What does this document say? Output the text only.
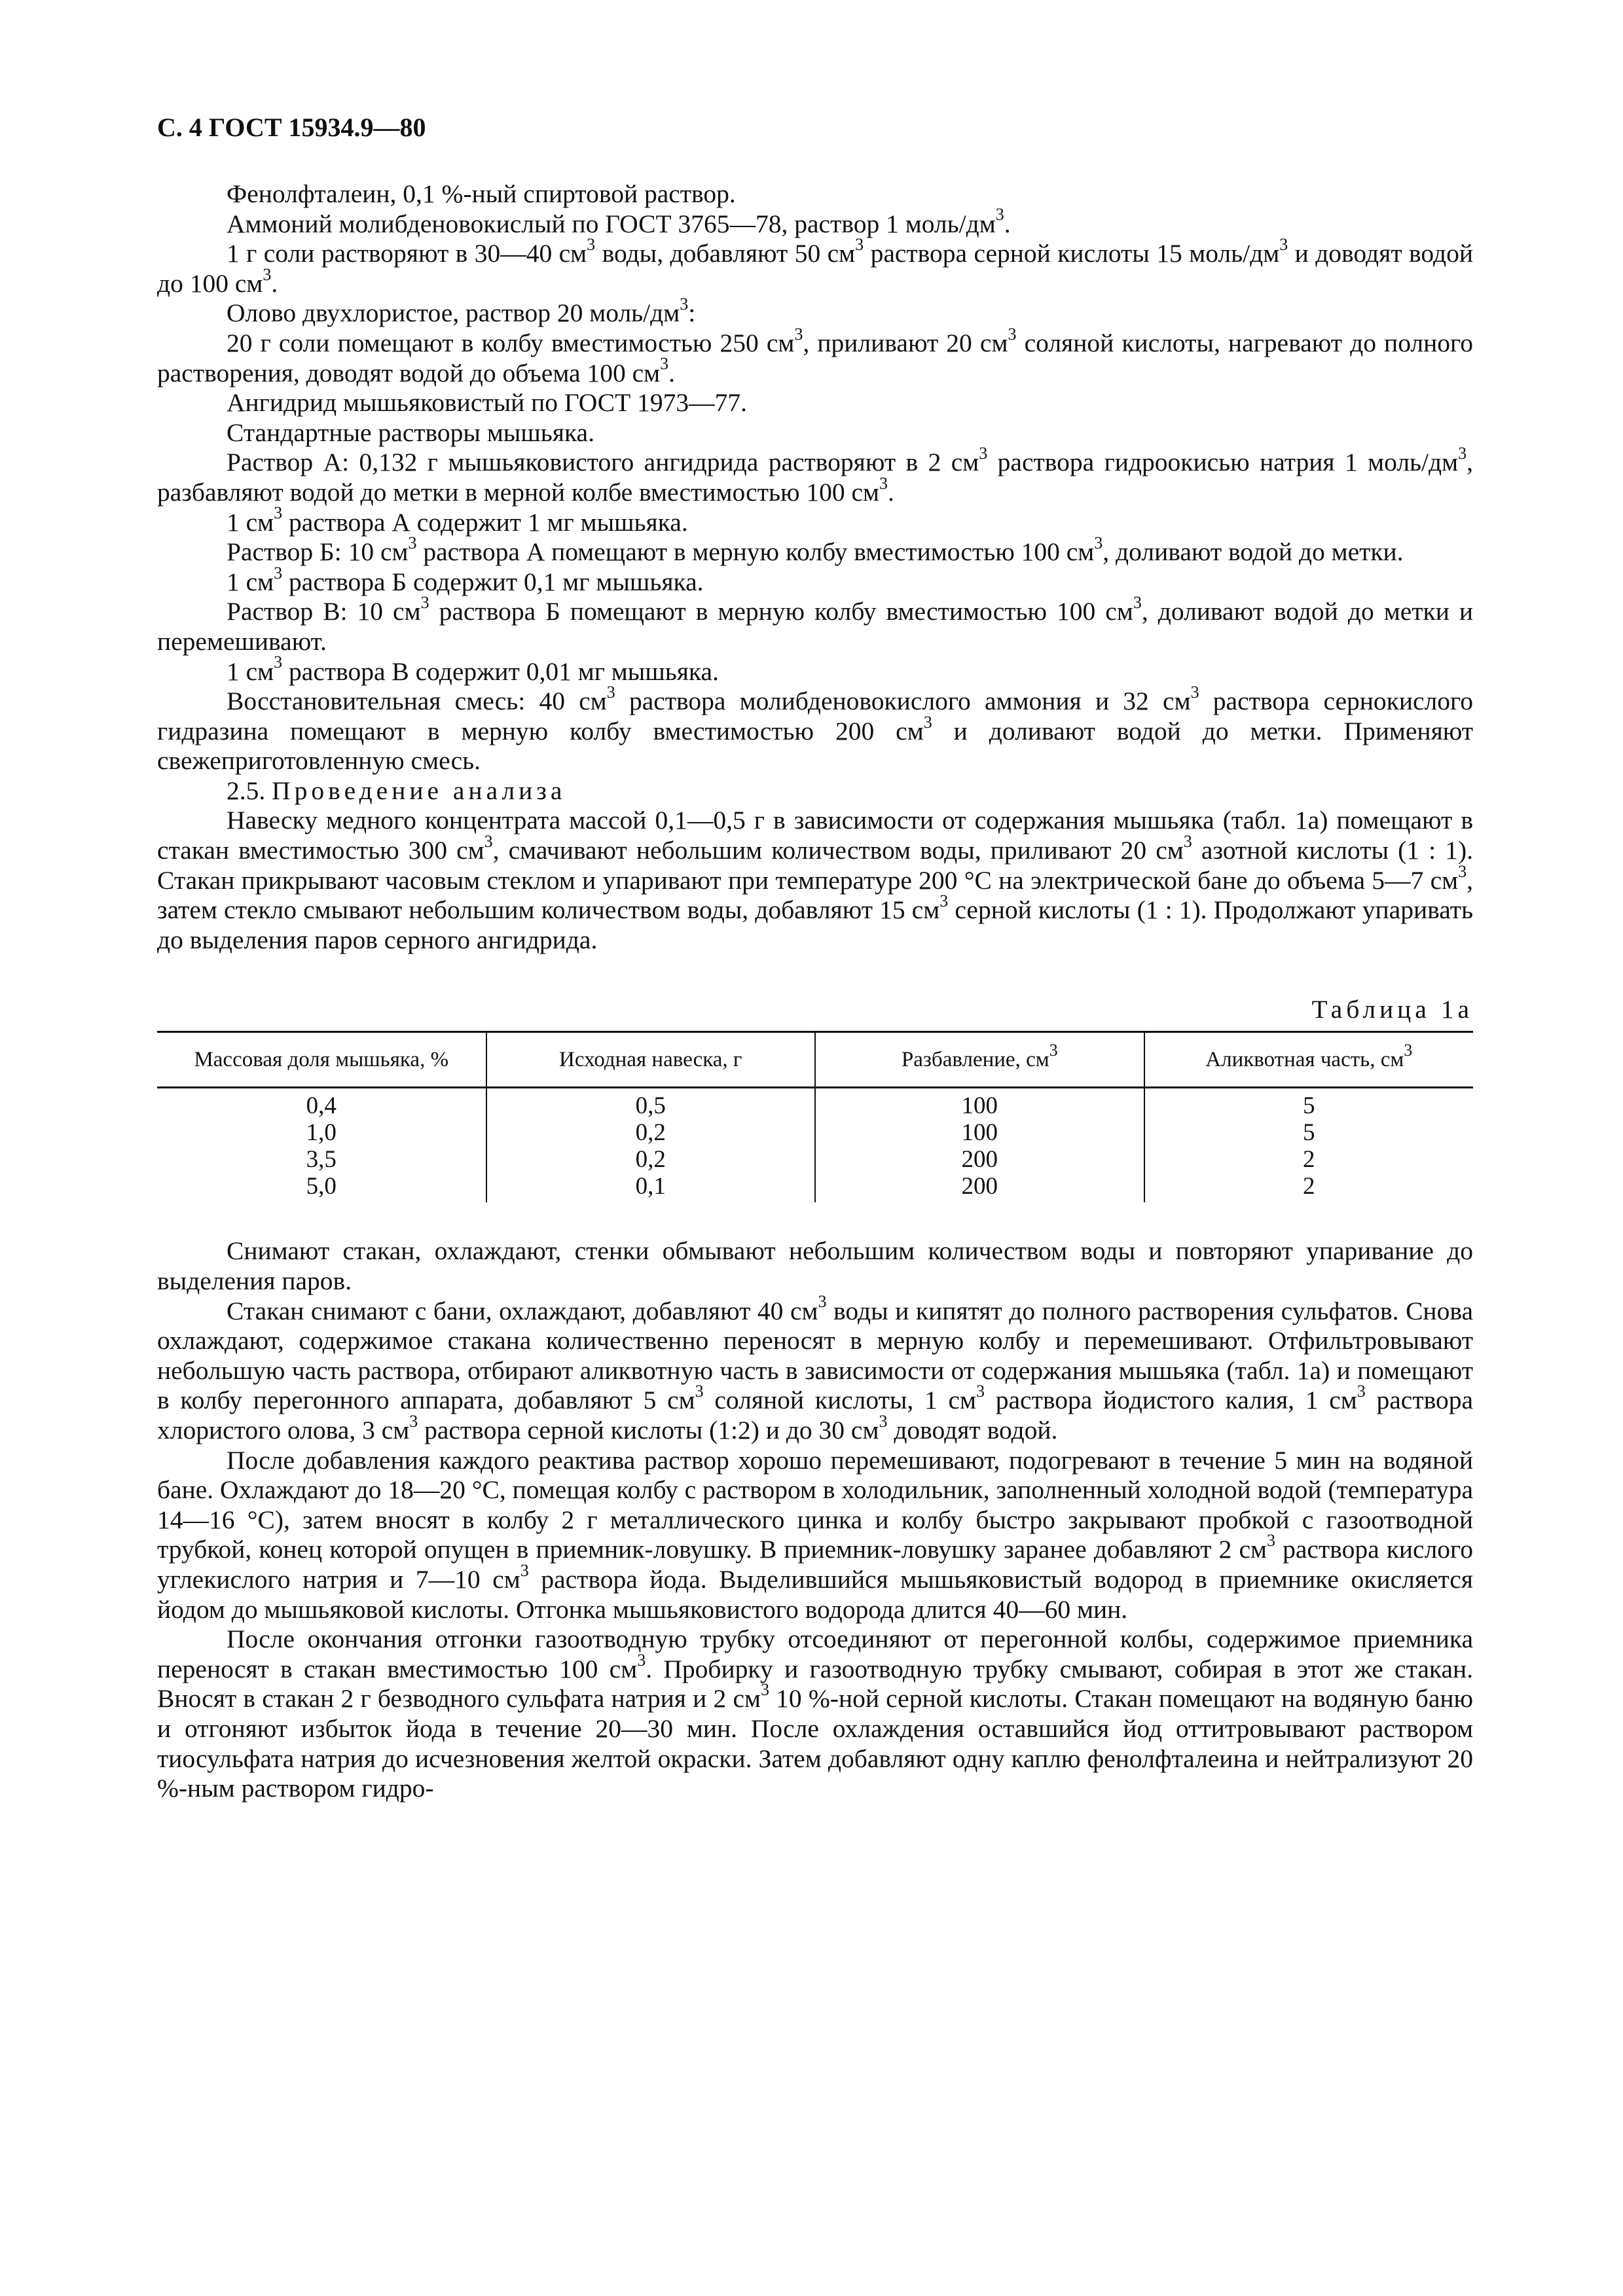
С. 4 ГОСТ 15934.9—80

Фенолфталеин, 0,1 %-ный спиртовой раствор.

Аммоний молибденовокислый по ГОСТ 3765—78, раствор 1 моль/$дм^3$.

1 г соли растворяют в 30—40 $см^3$ воды, добавляют 50 $см^3$ раствора серной кислоты 15 моль/$дм^3$ и доводят водой до 100 $см^3$.

Олово двухлористое, раствор 20 моль/$дм^3$:

20 г соли помещают в колбу вместимостью 250 $см^3$, приливают 20 $см^3$ соляной кислоты, нагревают до полного растворения, доводят водой до объема 100 $см^3$.

Ангидрид мышьяковистый по ГОСТ 1973—77.

Стандартные растворы мышьяка.

Раствор А: 0,132 г мышьяковистого ангидрида растворяют в 2 $см^3$ раствора гидроокисью натрия 1 моль/$дм^3$, разбавляют водой до метки в мерной колбе вместимостью 100 $см^3$.

1 $см^3$ раствора А содержит 1 мг мышьяка.

Раствор Б: 10 $см^3$ раствора А помещают в мерную колбу вместимостью 100 $см^3$, доливают водой до метки.

1 $см^3$ раствора Б содержит 0,1 мг мышьяка.

Раствор В: 10 $см^3$ раствора Б помещают в мерную колбу вместимостью 100 $см^3$, доливают водой до метки и перемешивают.

1 $см^3$ раствора В содержит 0,01 мг мышьяка.

Восстановительная смесь: 40 $см^3$ раствора молибденовокислого аммония и 32 $см^3$ раствора сернокислого гидразина помещают в мерную колбу вместимостью 200 $см^3$ и доливают водой до метки. Применяют свежеприготовленную смесь.

2.5. Проведение анализа

Навеску медного концентрата массой 0,1—0,5 г в зависимости от содержания мышьяка (табл. 1а) помещают в стакан вместимостью 300 $см^3$, смачивают небольшим количеством воды, приливают 20 $см^3$ азотной кислоты (1 : 1). Стакан прикрывают часовым стеклом и упаривают при температуре 200 °С на электрической бане до объема 5—7 $см^3$, затем стекло смывают небольшим количеством воды, добавляют 15 $см^3$ серной кислоты (1 : 1). Продолжают упаривать до выделения паров серного ангидрида.

Таблица 1а
Массовая доля мышьяка, %	Исходная навеска, г	Разбавление, $см^3$	Аликвотная часть, $см^3$
0,4	0,5	100	5
1,0	0,2	100	5
3,5	0,2	200	2
5,0	0,1	200	2

Снимают стакан, охлаждают, стенки обмывают небольшим количеством воды и повторяют упаривание до выделения паров.

Стакан снимают с бани, охлаждают, добавляют 40 $см^3$ воды и кипятят до полного растворения сульфатов. Снова охлаждают, содержимое стакана количественно переносят в мерную колбу и перемешивают. Отфильтровывают небольшую часть раствора, отбирают аликвотную часть в зависимости от содержания мышьяка (табл. 1а) и помещают в колбу перегонного аппарата, добавляют 5 $см^3$ соляной кислоты, 1 $см^3$ раствора йодистого калия, 1 $см^3$ раствора хлористого олова, 3 $см^3$ раствора серной кислоты (1:2) и до 30 $см^3$ доводят водой.

После добавления каждого реактива раствор хорошо перемешивают, подогревают в течение 5 мин на водяной бане. Охлаждают до 18—20 °С, помещая колбу с раствором в холодильник, заполненный холодной водой (температура 14—16 °С), затем вносят в колбу 2 г металлического цинка и колбу быстро закрывают пробкой с газоотводной трубкой, конец которой опущен в приемник-ловушку. В приемник-ловушку заранее добавляют 2 $см^3$ раствора кислого углекислого натрия и 7—10 $см^3$ раствора йода. Выделившийся мышьяковистый водород в приемнике окисляется йодом до мышьяковой кислоты. Отгонка мышьяковистого водорода длится 40—60 мин.

После окончания отгонки газоотводную трубку отсоединяют от перегонной колбы, содержимое приемника переносят в стакан вместимостью 100 $см^3$. Пробирку и газоотводную трубку смывают, собирая в этот же стакан. Вносят в стакан 2 г безводного сульфата натрия и 2 $см^3$ 10 %-ной серной кислоты. Стакан помещают на водяную баню и отгоняют избыток йода в течение 20—30 мин. После охлаждения оставшийся йод оттитровывают раствором тиосульфата натрия до исчезновения желтой окраски. Затем добавляют одну каплю фенолфталеина и нейтрализуют 20 %-ным раствором гидро-
